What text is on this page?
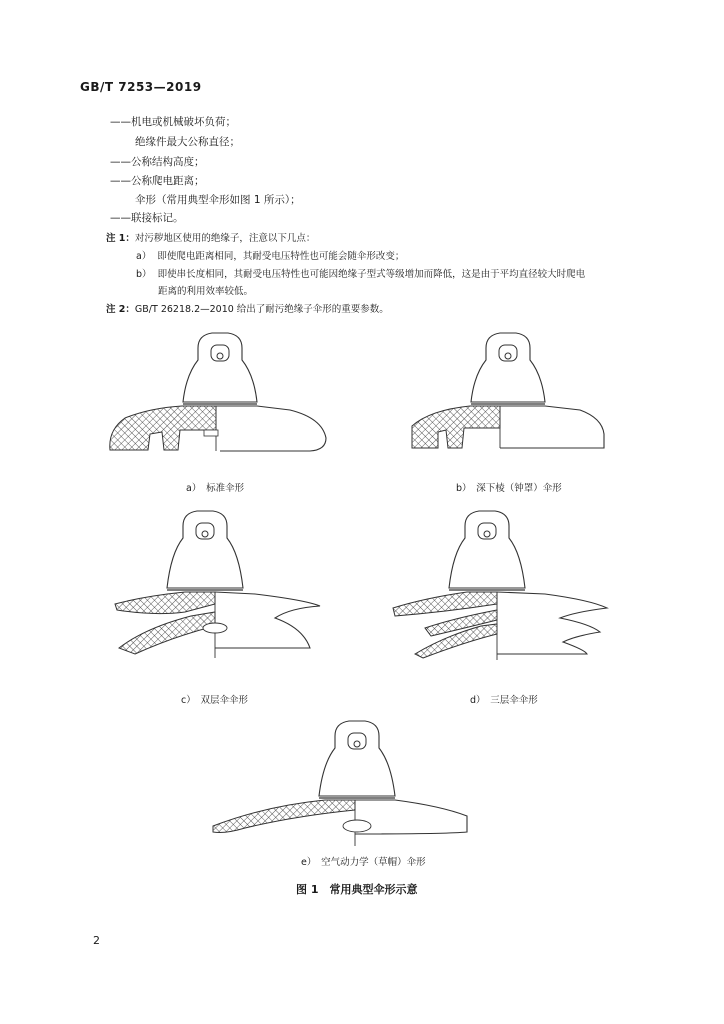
GB/T 7253—2019
——机电或机械破坏负荷；
绝缘件最大公称直径；
——公称结构高度；
——公称爬电距离；
伞形（常用典型伞形如图 1 所示）；
——联接标记。
注 1：对污秽地区使用的绝缘子，注意以下几点：
a） 即使爬电距离相同，其耐受电压特性也可能会随伞形改变；
b） 即使串长度相同，其耐受电压特性也可能因绝缘子型式等级增加而降低，这是由于平均直径较大时爬电
距离的利用效率较低。
注 2：GB/T 26218.2—2010 给出了耐污绝缘子伞形的重要参数。
a）　标准伞形	b）　深下棱（钟罩）伞形
c）　双层伞伞形	d）　三层伞伞形
e）　空气动力学（草帽）伞形
图 1　常用典型伞形示意
2
